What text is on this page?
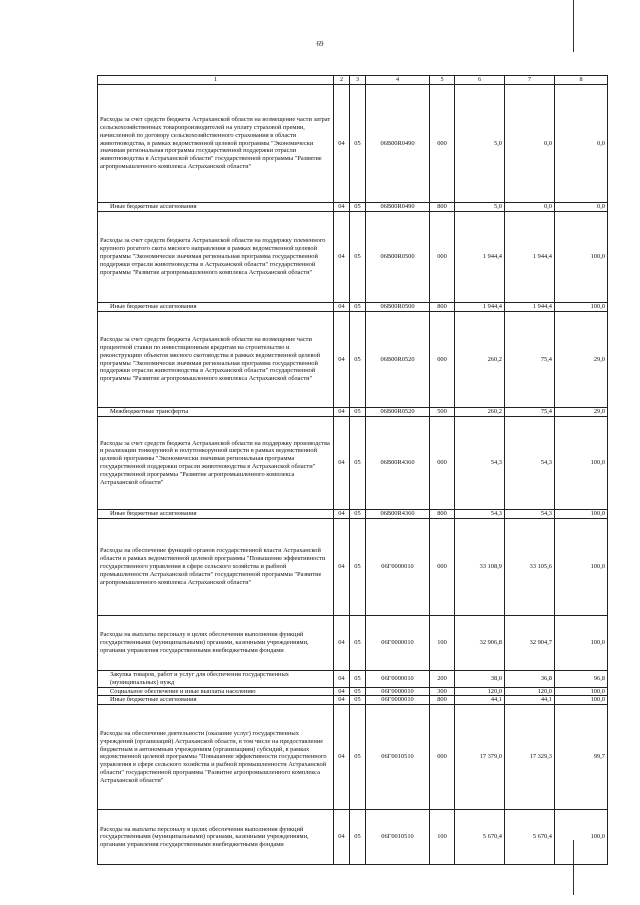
69
1	2	3	4	5	6	7	8
Расходы за счет средств бюджета Астраханской области на возмещение части затрат сельскохозяйственных товаропроизводителей на уплату страховой премии, начисленной по договору сельскохозяйственного страхования в области животноводства, в рамках ведомственной целевой программы "Экономически значимая региональная программа государственной поддержки отрасли животноводства в Астраханской области" государственной программы "Развитие агропромышленного комплекса Астраханской области"	04	05	06В00R0490	000	5,0	0,0	0,0
Иные бюджетные ассигнования	04	05	06В00R0490	800	5,0	0,0	0,0
Расходы за счет средств бюджета Астраханской области на поддержку племенного крупного рогатого скота мясного направления в рамках ведомственной целевой программы "Экономически значимая региональная программа государственной поддержки отрасли животноводства в Астраханской области" государственной программы "Развитие агропромышленного комплекса Астраханской области"	04	05	06В00R0500	000	1 944,4	1 944,4	100,0
Иные бюджетные ассигнования	04	05	06В00R0500	800	1 944,4	1 944,4	100,0
Расходы за счет средств бюджета Астраханской области на возмещение части процентной ставки по инвестиционным кредитам на строительство и реконструкцию объектов мясного скотоводства в рамках ведомственной целевой программы "Экономически значимая региональная программа государственной поддержки отрасли животноводства в Астраханской области" государственной программы "Развитие агропромышленного комплекса Астраханской области"	04	05	06В00R0520	000	260,2	75,4	29,0
Межбюджетные трансферты	04	05	06В00R0520	500	260,2	75,4	29,0
Расходы за счет средств бюджета Астраханской области на поддержку производства и реализации тонкорунной и полутонкорунной шерсти в рамках ведомственной целевой программы "Экономически значимая региональная программа государственной поддержки отрасли животноводства в Астраханской области" государственной программы "Развитие агропромышленного комплекса Астраханской области"	04	05	06В00R4360	000	54,3	54,3	100,0
Иные бюджетные ассигнования	04	05	06В00R4360	800	54,3	54,3	100,0
Расходы на обеспечение функций органов государственной власти Астраханской области в рамках ведомственной целевой программы "Повышение эффективности государственного управления в сфере сельского хозяйства и рыбной промышленности Астраханской области" государственной программы "Развитие агропромышленного комплекса Астраханской области"	04	05	06Г0000010	000	33 108,9	33 105,6	100,0
Расходы на выплаты персоналу в целях обеспечения выполнения функций государственными (муниципальными) органами, казенными учреждениями, органами управления государственными внебюджетными фондами	04	05	06Г0000010	100	32 906,8	32 904,7	100,0
Закупка товаров, работ и услуг для обеспечения государственных (муниципальных) нужд	04	05	06Г0000010	200	38,0	36,8	96,8
Социальное обеспечение и иные выплаты населению	04	05	06Г0000010	300	120,0	120,0	100,0
Иные бюджетные ассигнования	04	05	06Г0000010	800	44,1	44,1	100,0
Расходы на обеспечение деятельности (оказание услуг) государственных учреждений (организаций) Астраханской области, в том числе на предоставление бюджетным и автономным учреждениям (организациям) субсидий, в рамках ведомственной целевой программы "Повышение эффективности государственного управления в сфере сельского хозяйства и рыбной промышленности Астраханской области" государственной программы "Развитие агропромышленного комплекса Астраханской области"	04	05	06Г0010510	000	17 379,0	17 329,3	99,7
Расходы на выплаты персоналу в целях обеспечения выполнения функций государственными (муниципальными) органами, казенными учреждениями, органами управления государственными внебюджетными фондами	04	05	06Г0010510	100	5 670,4	5 670,4	100,0
